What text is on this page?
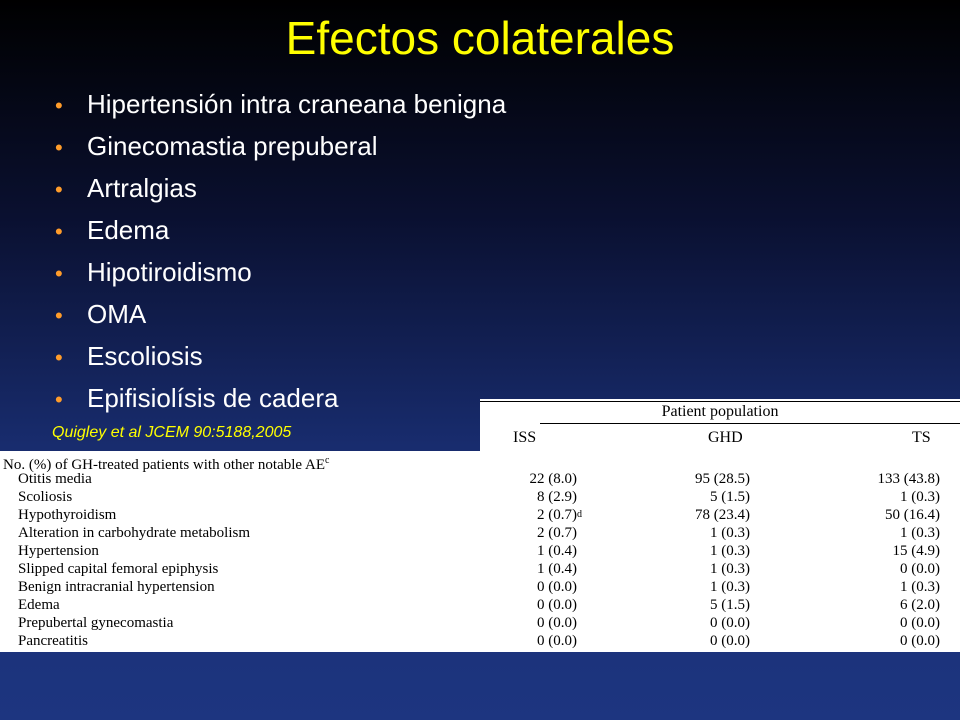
Efectos colaterales
• Hipertensión intra craneana benigna
• Ginecomastia prepuberal
• Artralgias
• Edema
• Hipotiroidismo
• OMA
• Escoliosis
• Epifisiolísis de cadera
Quigley et al JCEM 90:5188,2005
Patient population
ISS	GHD	TS
No. (%) of GH-treated patients with other notable $AE^c$
Otitis media	22 (8.0)	95 (28.5)	133 (43.8)
Scoliosis	8 (2.9)	5 (1.5)	1 (0.3)
Hypothyroidism	2 (0.7) d	78 (23.4)	50 (16.4)
Alteration in carbohydrate metabolism	2 (0.7)	1 (0.3)	1 (0.3)
Hypertension	1 (0.4)	1 (0.3)	15 (4.9)
Slipped capital femoral epiphysis	1 (0.4)	1 (0.3)	0 (0.0)
Benign intracranial hypertension	0 (0.0)	1 (0.3)	1 (0.3)
Edema	0 (0.0)	5 (1.5)	6 (2.0)
Prepubertal gynecomastia	0 (0.0)	0 (0.0)	0 (0.0)
Pancreatitis	0 (0.0)	0 (0.0)	0 (0.0)
